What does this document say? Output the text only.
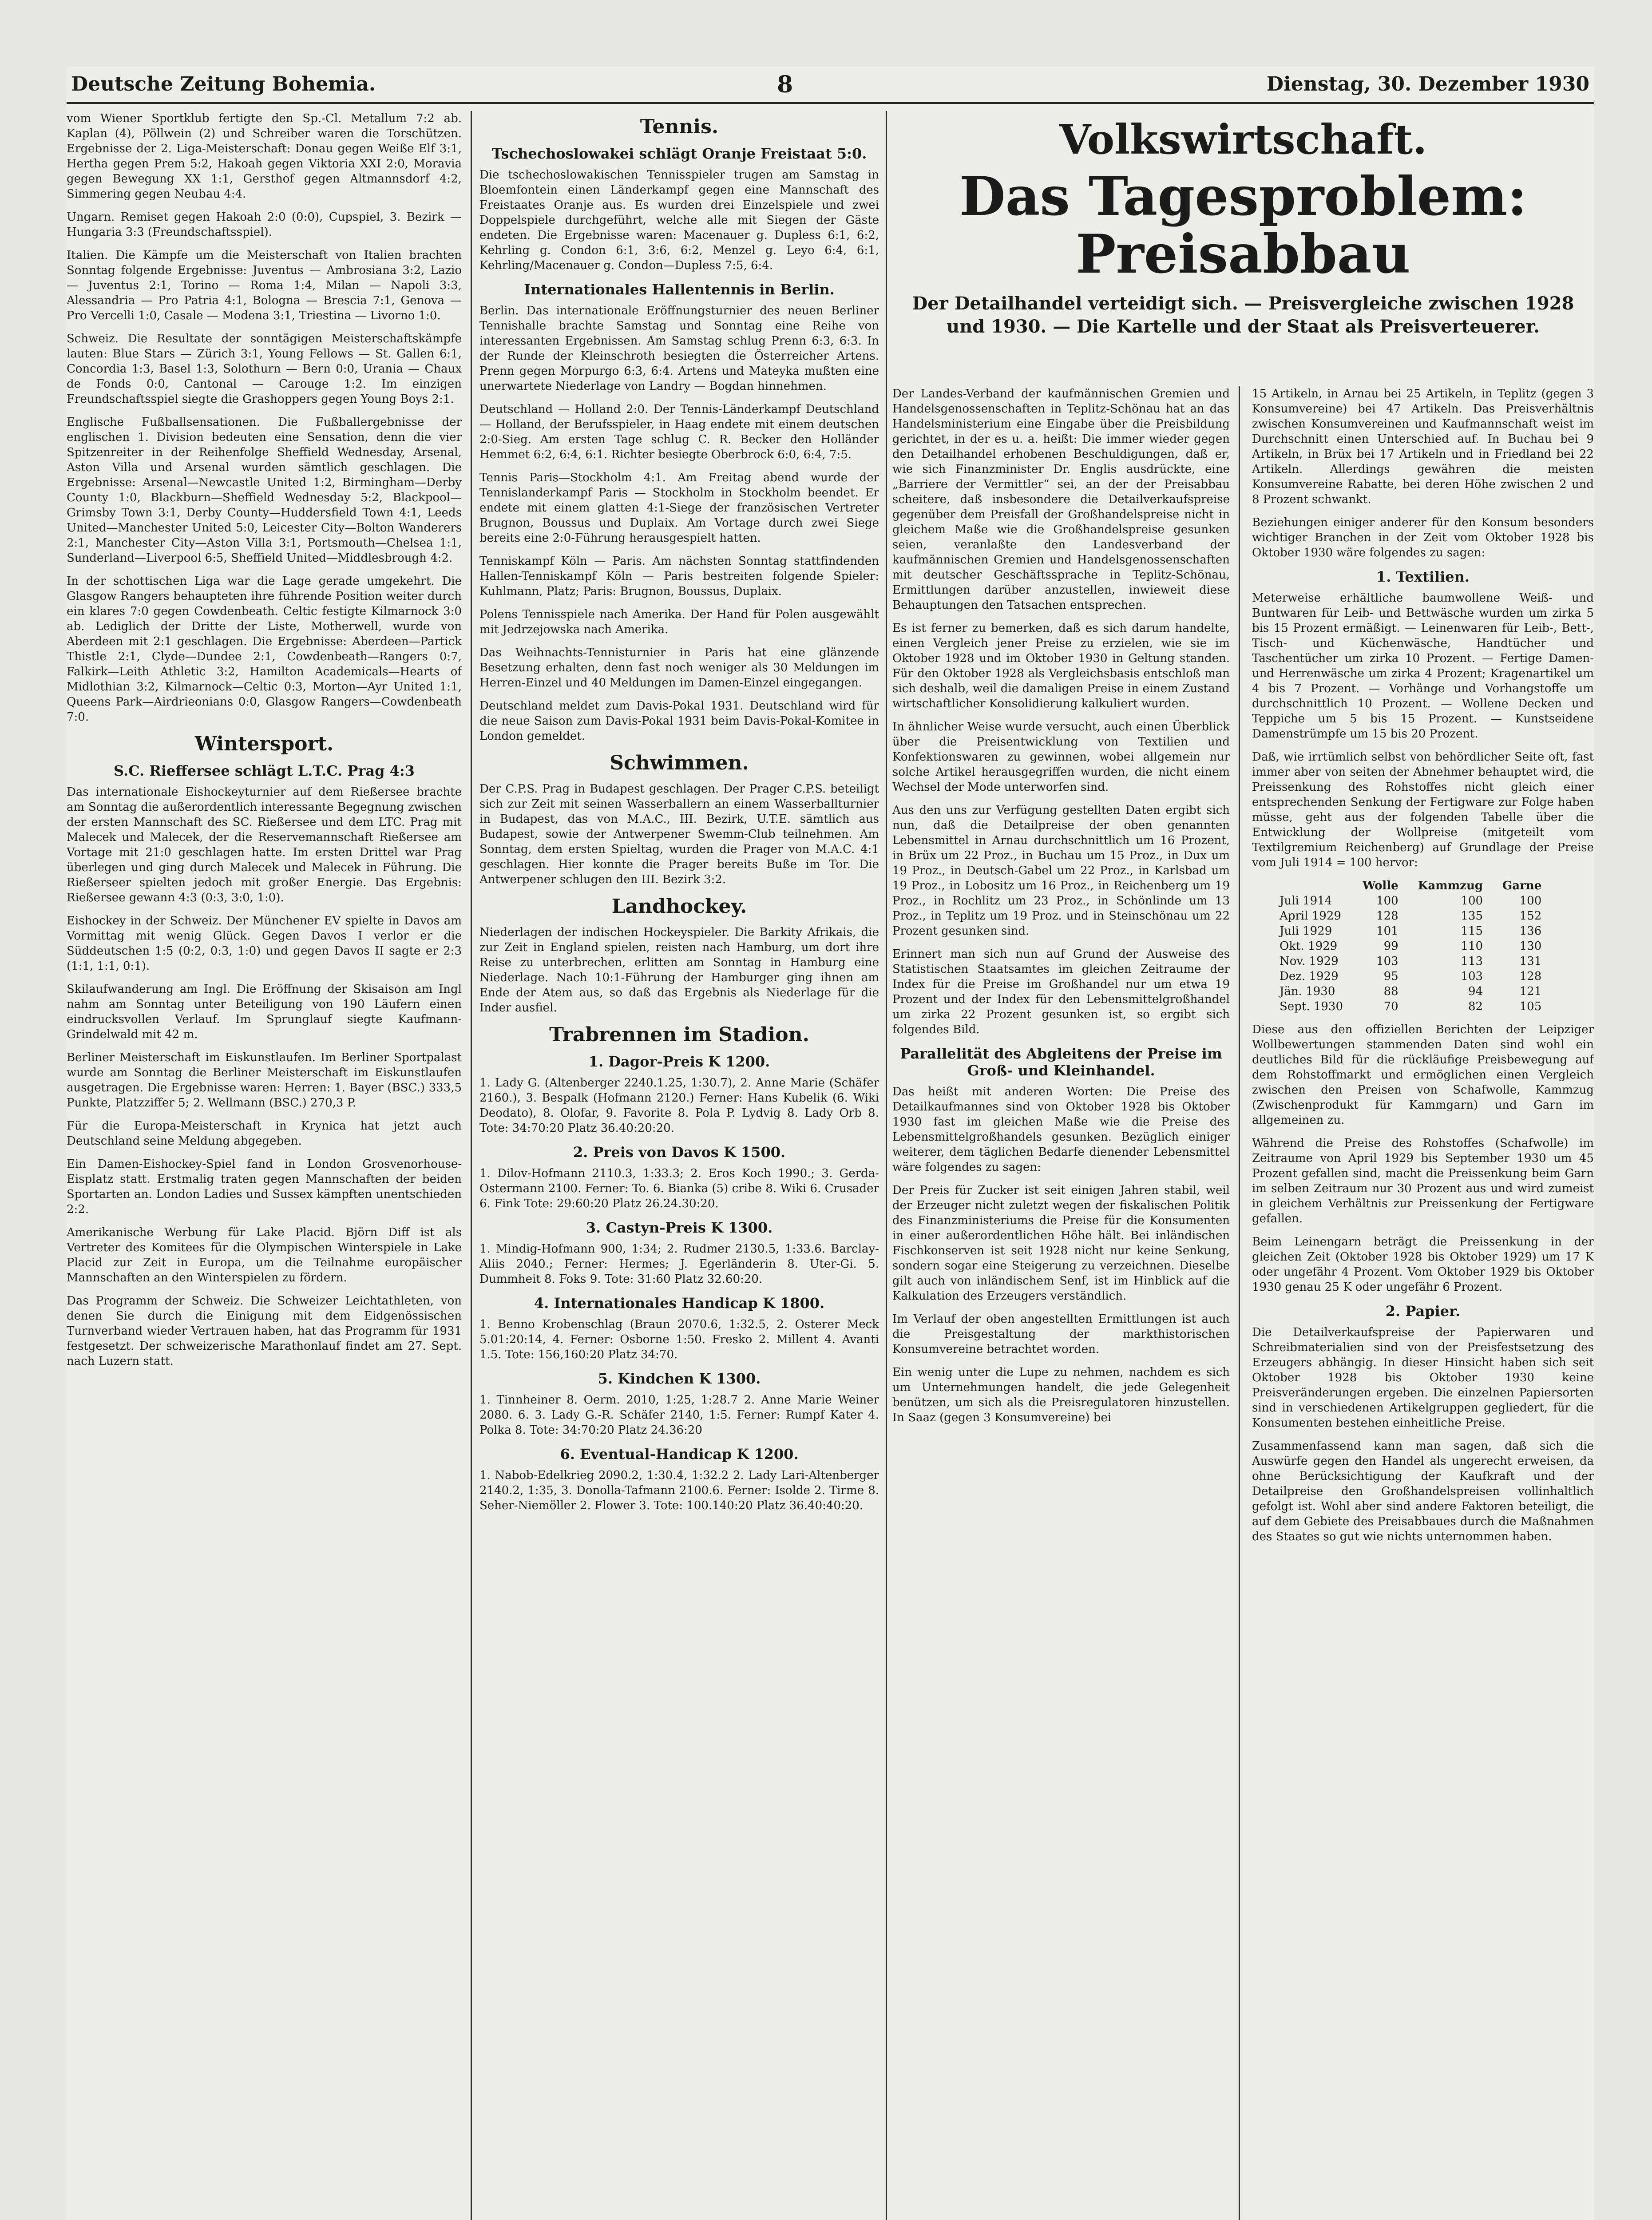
Deutsche Zeitung Bohemia.	8	Dienstag, 30. Dezember 1930

vom Wiener Sportklub fertigte den Sp.-Cl. Metallum 7:2 ab. Kaplan (4), Pöllwein (2) und Schreiber waren die Torschützen. Ergebnisse der 2. Liga-Meisterschaft: Donau gegen Weiße Elf 3:1, Hertha gegen Prem 5:2, Hakoah gegen Viktoria XXI 2:0, Moravia gegen Bewegung XX 1:1, Gersthof gegen Altmannsdorf 4:2, Simmering gegen Neubau 4:4.

Ungarn. Remiset gegen Hakoah 2:0 (0:0), Cupspiel, 3. Bezirk — Hungaria 3:3 (Freundschaftsspiel).

Italien. Die Kämpfe um die Meisterschaft von Italien brachten Sonntag folgende Ergebnisse: Juventus — Ambrosiana 3:2, Lazio — Juventus 2:1, Torino — Roma 1:4, Milan — Napoli 3:3, Alessandria — Pro Patria 4:1, Bologna — Brescia 7:1, Genova — Pro Vercelli 1:0, Casale — Modena 3:1, Triestina — Livorno 1:0.

Schweiz. Die Resultate der sonntägigen Meisterschaftskämpfe lauten: Blue Stars — Zürich 3:1, Young Fellows — St. Gallen 6:1, Concordia 1:3, Basel 1:3, Solothurn — Bern 0:0, Urania — Chaux de Fonds 0:0, Cantonal — Carouge 1:2. Im einzigen Freundschaftsspiel siegte die Grashoppers gegen Young Boys 2:1.

Englische Fußballsensationen. Die Fußballergebnisse der englischen 1. Division bedeuten eine Sensation, denn die vier Spitzenreiter in der Reihenfolge Sheffield Wednesday, Arsenal, Aston Villa und Arsenal wurden sämtlich geschlagen. Die Ergebnisse: Arsenal—Newcastle United 1:2, Birmingham—Derby County 1:0, Blackburn—Sheffield Wednesday 5:2, Blackpool—Grimsby Town 3:1, Derby County—Huddersfield Town 4:1, Leeds United—Manchester United 5:0, Leicester City—Bolton Wanderers 2:1, Manchester City—Aston Villa 3:1, Portsmouth—Chelsea 1:1, Sunderland—Liverpool 6:5, Sheffield United—Middlesbrough 4:2.

In der schottischen Liga war die Lage gerade umgekehrt. Die Glasgow Rangers behaupteten ihre führende Position weiter durch ein klares 7:0 gegen Cowdenbeath. Celtic festigte Kilmarnock 3:0 ab. Lediglich der Dritte der Liste, Motherwell, wurde von Aberdeen mit 2:1 geschlagen. Die Ergebnisse: Aberdeen—Partick Thistle 2:1, Clyde—Dundee 2:1, Cowdenbeath—Rangers 0:7, Falkirk—Leith Athletic 3:2, Hamilton Academicals—Hearts of Midlothian 3:2, Kilmarnock—Celtic 0:3, Morton—Ayr United 1:1, Queens Park—Airdrieonians 0:0, Glasgow Rangers—Cowdenbeath 7:0.

Wintersport.
S.C. Rieffersee schlägt L.T.C. Prag 4:3

Das internationale Eishockeyturnier auf dem Rießersee brachte am Sonntag die außerordentlich interessante Begegnung zwischen der ersten Mannschaft des SC. Rießersee und dem LTC. Prag mit Malecek und Malecek, der die Reservemannschaft Rießersee am Vortage mit 21:0 geschlagen hatte. Im ersten Drittel war Prag überlegen und ging durch Malecek und Malecek in Führung. Die Rießerseer spielten jedoch mit großer Energie. Das Ergebnis: Rießersee gewann 4:3 (0:3, 3:0, 1:0).

Eishockey in der Schweiz. Der Münchener EV spielte in Davos am Vormittag mit wenig Glück. Gegen Davos I verlor er die Süddeutschen 1:5 (0:2, 0:3, 1:0) und gegen Davos II sagte er 2:3 (1:1, 1:1, 0:1).

Skilaufwanderung am Ingl. Die Eröffnung der Skisaison am Ingl nahm am Sonntag unter Beteiligung von 190 Läufern einen eindrucksvollen Verlauf. Im Sprunglauf siegte Kaufmann-Grindelwald mit 42 m.

Berliner Meisterschaft im Eiskunstlaufen. Im Berliner Sportpalast wurde am Sonntag die Berliner Meisterschaft im Eiskunstlaufen ausgetragen. Die Ergebnisse waren: Herren: 1. Bayer (BSC.) 333,5 Punkte, Platzziffer 5; 2. Wellmann (BSC.) 270,3 P.

Für die Europa-Meisterschaft in Krynica hat jetzt auch Deutschland seine Meldung abgegeben.

Ein Damen-Eishockey-Spiel fand in London Grosvenorhouse-Eisplatz statt. Erstmalig traten gegen Mannschaften der beiden Sportarten an. London Ladies und Sussex kämpften unentschieden 2:2.

Amerikanische Werbung für Lake Placid. Björn Diff ist als Vertreter des Komitees für die Olympischen Winterspiele in Lake Placid zur Zeit in Europa, um die Teilnahme europäischer Mannschaften an den Winterspielen zu fördern.

Das Programm der Schweiz. Die Schweizer Leichtathleten, von denen Sie durch die Einigung mit dem Eidgenössischen Turnverband wieder Vertrauen haben, hat das Programm für 1931 festgesetzt. Der schweizerische Marathonlauf findet am 27. Sept. nach Luzern statt.

Tennis.
Tschechoslowakei schlägt Oranje Freistaat 5:0.

Die tschechoslowakischen Tennisspieler trugen am Samstag in Bloemfontein einen Länderkampf gegen eine Mannschaft des Freistaates Oranje aus. Es wurden drei Einzelspiele und zwei Doppelspiele durchgeführt, welche alle mit Siegen der Gäste endeten. Die Ergebnisse waren: Macenauer g. Dupless 6:1, 6:2, Kehrling g. Condon 6:1, 3:6, 6:2, Menzel g. Leyo 6:4, 6:1, Kehrling/Macenauer g. Condon—Dupless 7:5, 6:4.

Internationales Hallentennis in Berlin.

Berlin. Das internationale Eröffnungsturnier des neuen Berliner Tennishalle brachte Samstag und Sonntag eine Reihe von interessanten Ergebnissen. Am Samstag schlug Prenn 6:3, 6:3. In der Runde der Kleinschroth besiegten die Österreicher Artens. Prenn gegen Morpurgo 6:3, 6:4. Artens und Mateyka mußten eine unerwartete Niederlage von Landry — Bogdan hinnehmen.

Deutschland — Holland 2:0. Der Tennis-Länderkampf Deutschland — Holland, der Berufsspieler, in Haag endete mit einem deutschen 2:0-Sieg. Am ersten Tage schlug C. R. Becker den Holländer Hemmet 6:2, 6:4, 6:1. Richter besiegte Oberbrock 6:0, 6:4, 7:5.

Tennis Paris—Stockholm 4:1. Am Freitag abend wurde der Tennislanderkampf Paris — Stockholm in Stockholm beendet. Er endete mit einem glatten 4:1-Siege der französischen Vertreter Brugnon, Boussus und Duplaix. Am Vortage durch zwei Siege bereits eine 2:0-Führung herausgespielt hatten.

Tenniskampf Köln — Paris. Am nächsten Sonntag stattfindenden Hallen-Tenniskampf Köln — Paris bestreiten folgende Spieler: Kuhlmann, Platz; Paris: Brugnon, Boussus, Duplaix.

Polens Tennisspiele nach Amerika. Der Hand für Polen ausgewählt mit Jedrzejowska nach Amerika.

Das Weihnachts-Tennisturnier in Paris hat eine glänzende Besetzung erhalten, denn fast noch weniger als 30 Meldungen im Herren-Einzel und 40 Meldungen im Damen-Einzel eingegangen.

Deutschland meldet zum Davis-Pokal 1931. Deutschland wird für die neue Saison zum Davis-Pokal 1931 beim Davis-Pokal-Komitee in London gemeldet.

Schwimmen.

Der C.P.S. Prag in Budapest geschlagen. Der Prager C.P.S. beteiligt sich zur Zeit mit seinen Wasserballern an einem Wasserballturnier in Budapest, das von M.A.C., III. Bezirk, U.T.E. sämtlich aus Budapest, sowie der Antwerpener Swemm-Club teilnehmen. Am Sonntag, dem ersten Spieltag, wurden die Prager von M.A.C. 4:1 geschlagen. Hier konnte die Prager bereits Buße im Tor. Die Antwerpener schlugen den III. Bezirk 3:2.

Landhockey.

Niederlagen der indischen Hockeyspieler. Die Barkity Afrikais, die zur Zeit in England spielen, reisten nach Hamburg, um dort ihre Reise zu unterbrechen, erlitten am Sonntag in Hamburg eine Niederlage. Nach 10:1-Führung der Hamburger ging ihnen am Ende der Atem aus, so daß das Ergebnis als Niederlage für die Inder ausfiel.

Trabrennen im Stadion.
1. Dagor-Preis K 1200.

1. Lady G. (Altenberger 2240.1.25, 1:30.7), 2. Anne Marie (Schäfer 2160.), 3. Bespalk (Hofmann 2120.) Ferner: Hans Kubelik (6. Wiki Deodato), 8. Olofar, 9. Favorite 8. Pola P. Lydvig 8. Lady Orb 8. Tote: 34:70:20 Platz 36.40:20:20.

2. Preis von Davos K 1500.

1. Dilov-Hofmann 2110.3, 1:33.3; 2. Eros Koch 1990.; 3. Gerda-Ostermann 2100. Ferner: To. 6. Bianka (5) cribe 8. Wiki 6. Crusader 6. Fink Tote: 29:60:20 Platz 26.24.30:20.

3. Castyn-Preis K 1300.

1. Mindig-Hofmann 900, 1:34; 2. Rudmer 2130.5, 1:33.6. Barclay-Aliis 2040.; Ferner: Hermes; J. Egerländerin 8. Uter-Gi. 5. Dummheit 8. Foks 9. Tote: 31:60 Platz 32.60:20.

4. Internationales Handicap K 1800.

1. Benno Krobenschlag (Braun 2070.6, 1:32.5, 2. Osterer Meck 5.01:20:14, 4. Ferner: Osborne 1:50. Fresko 2. Millent 4. Avanti 1.5. Tote: 156,160:20 Platz 34:70.

5. Kindchen K 1300.

1. Tinnheiner 8. Oerm. 2010, 1:25, 1:28.7 2. Anne Marie Weiner 2080. 6. 3. Lady G.-R. Schäfer 2140, 1:5. Ferner: Rumpf Kater 4. Polka 8. Tote: 34:70:20 Platz 24.36:20

6. Eventual-Handicap K 1200.

1. Nabob-Edelkrieg 2090.2, 1:30.4, 1:32.2 2. Lady Lari-Altenberger 2140.2, 1:35, 3. Donolla-Tafmann 2100.6. Ferner: Isolde 2. Tirme 8. Seher-Niemöller 2. Flower 3. Tote: 100.140:20 Platz 36.40:40:20.

Volkswirtschaft.
Das Tagesproblem: Preisabbau
Der Detailhandel verteidigt sich. — Preisvergleiche zwischen 1928 und 1930. — Die Kartelle und der Staat als Preisverteuerer.

Der Landes-Verband der kaufmännischen Gremien und Handelsgenossenschaften in Teplitz-Schönau hat an das Handelsministerium eine Eingabe über die Preisbildung gerichtet, in der es u. a. heißt: Die immer wieder gegen den Detailhandel erhobenen Beschuldigungen, daß er, wie sich Finanzminister Dr. Englis ausdrückte, eine „Barriere der Vermittler“ sei, an der der Preisabbau scheitere, daß insbesondere die Detailverkaufspreise gegenüber dem Preisfall der Großhandelspreise nicht in gleichem Maße wie die Großhandelspreise gesunken seien, veranlaßte den Landesverband der kaufmännischen Gremien und Handelsgenossenschaften mit deutscher Geschäftssprache in Teplitz-Schönau, Ermittlungen darüber anzustellen, inwieweit diese Behauptungen den Tatsachen entsprechen.

Es ist ferner zu bemerken, daß es sich darum handelte, einen Vergleich jener Preise zu erzielen, wie sie im Oktober 1928 und im Oktober 1930 in Geltung standen. Für den Oktober 1928 als Vergleichsbasis entschloß man sich deshalb, weil die damaligen Preise in einem Zustand wirtschaftlicher Konsolidierung kalkuliert wurden.

In ähnlicher Weise wurde versucht, auch einen Überblick über die Preisentwicklung von Textilien und Konfektionswaren zu gewinnen, wobei allgemein nur solche Artikel herausgegriffen wurden, die nicht einem Wechsel der Mode unterworfen sind.

Aus den uns zur Verfügung gestellten Daten ergibt sich nun, daß die Detailpreise der oben genannten Lebensmittel in Arnau durchschnittlich um 16 Prozent, in Brüx um 22 Proz., in Buchau um 15 Proz., in Dux um 19 Proz., in Deutsch-Gabel um 22 Proz., in Karlsbad um 19 Proz., in Lobositz um 16 Proz., in Reichenberg um 19 Proz., in Rochlitz um 23 Proz., in Schönlinde um 13 Proz., in Teplitz um 19 Proz. und in Steinschönau um 22 Prozent gesunken sind.

Erinnert man sich nun auf Grund der Ausweise des Statistischen Staatsamtes im gleichen Zeitraume der Index für die Preise im Großhandel nur um etwa 19 Prozent und der Index für den Lebensmittelgroßhandel um zirka 22 Prozent gesunken ist, so ergibt sich folgendes Bild.

Parallelität des Abgleitens der Preise im Groß- und Kleinhandel.

Das heißt mit anderen Worten: Die Preise des Detailkaufmannes sind von Oktober 1928 bis Oktober 1930 fast im gleichen Maße wie die Preise des Lebensmittelgroßhandels gesunken. Bezüglich einiger weiterer, dem täglichen Bedarfe dienender Lebensmittel wäre folgendes zu sagen:

Der Preis für Zucker ist seit einigen Jahren stabil, weil der Erzeuger nicht zuletzt wegen der fiskalischen Politik des Finanzministeriums die Preise für die Konsumenten in einer außerordentlichen Höhe hält. Bei inländischen Fischkonserven ist seit 1928 nicht nur keine Senkung, sondern sogar eine Steigerung zu verzeichnen. Dieselbe gilt auch von inländischem Senf, ist im Hinblick auf die Kalkulation des Erzeugers verständlich.

Im Verlauf der oben angestellten Ermittlungen ist auch die Preisgestaltung der markthistorischen Konsumvereine betrachtet worden.

Ein wenig unter die Lupe zu nehmen, nachdem es sich um Unternehmungen handelt, die jede Gelegenheit benützen, um sich als die Preisregulatoren hinzustellen. In Saaz (gegen 3 Konsumvereine) bei

15 Artikeln, in Arnau bei 25 Artikeln, in Teplitz (gegen 3 Konsumvereine) bei 47 Artikeln. Das Preisverhältnis zwischen Konsumvereinen und Kaufmannschaft weist im Durchschnitt einen Unterschied auf. In Buchau bei 9 Artikeln, in Brüx bei 17 Artikeln und in Friedland bei 22 Artikeln. Allerdings gewähren die meisten Konsumvereine Rabatte, bei deren Höhe zwischen 2 und 8 Prozent schwankt.

Beziehungen einiger anderer für den Konsum besonders wichtiger Branchen in der Zeit vom Oktober 1928 bis Oktober 1930 wäre folgendes zu sagen:

1. Textilien.

Meterweise erhältliche baumwollene Weiß- und Buntwaren für Leib- und Bettwäsche wurden um zirka 5 bis 15 Prozent ermäßigt. — Leinenwaren für Leib-, Bett-, Tisch- und Küchenwäsche, Handtücher und Taschentücher um zirka 10 Prozent. — Fertige Damen- und Herrenwäsche um zirka 4 Prozent; Kragenartikel um 4 bis 7 Prozent. — Vorhänge und Vorhangstoffe um durchschnittlich 10 Prozent. — Wollene Decken und Teppiche um 5 bis 15 Prozent. — Kunstseidene Damenstrümpfe um 15 bis 20 Prozent.

Daß, wie irrtümlich selbst von behördlicher Seite oft, fast immer aber von seiten der Abnehmer behauptet wird, die Preissenkung des Rohstoffes nicht gleich einer entsprechenden Senkung der Fertigware zur Folge haben müsse, geht aus der folgenden Tabelle über die Entwicklung der Wollpreise (mitgeteilt vom Textilgremium Reichenberg) auf Grundlage der Preise vom Juli 1914 = 100 hervor:

	Wolle	Kammzug	Garne
Juli 1914	100	100	100
April 1929	128	135	152
Juli 1929	101	115	136
Okt. 1929	99	110	130
Nov. 1929	103	113	131
Dez. 1929	95	103	128
Jän. 1930	88	94	121
Sept. 1930	70	82	105

Diese aus den offiziellen Berichten der Leipziger Wollbewertungen stammenden Daten sind wohl ein deutliches Bild für die rückläufige Preisbewegung auf dem Rohstoffmarkt und ermöglichen einen Vergleich zwischen den Preisen von Schafwolle, Kammzug (Zwischenprodukt für Kammgarn) und Garn im allgemeinen zu.

Während die Preise des Rohstoffes (Schafwolle) im Zeitraume von April 1929 bis September 1930 um 45 Prozent gefallen sind, macht die Preissenkung beim Garn im selben Zeitraum nur 30 Prozent aus und wird zumeist in gleichem Verhältnis zur Preissenkung der Fertigware gefallen.

Beim Leinengarn beträgt die Preissenkung in der gleichen Zeit (Oktober 1928 bis Oktober 1929) um 17 K oder ungefähr 4 Prozent. Vom Oktober 1929 bis Oktober 1930 genau 25 K oder ungefähr 6 Prozent.

2. Papier.

Die Detailverkaufspreise der Papierwaren und Schreibmaterialien sind von der Preisfestsetzung des Erzeugers abhängig. In dieser Hinsicht haben sich seit Oktober 1928 bis Oktober 1930 keine Preisveränderungen ergeben. Die einzelnen Papiersorten sind in verschiedenen Artikelgruppen gegliedert, für die Konsumenten bestehen einheitliche Preise.

Zusammenfassend kann man sagen, daß sich die Auswürfe gegen den Handel als ungerecht erweisen, da ohne Berücksichtigung der Kaufkraft und der Detailpreise den Großhandelspreisen vollinhaltlich gefolgt ist. Wohl aber sind andere Faktoren beteiligt, die auf dem Gebiete des Preisabbaues durch die Maßnahmen des Staates so gut wie nichts unternommen haben.
